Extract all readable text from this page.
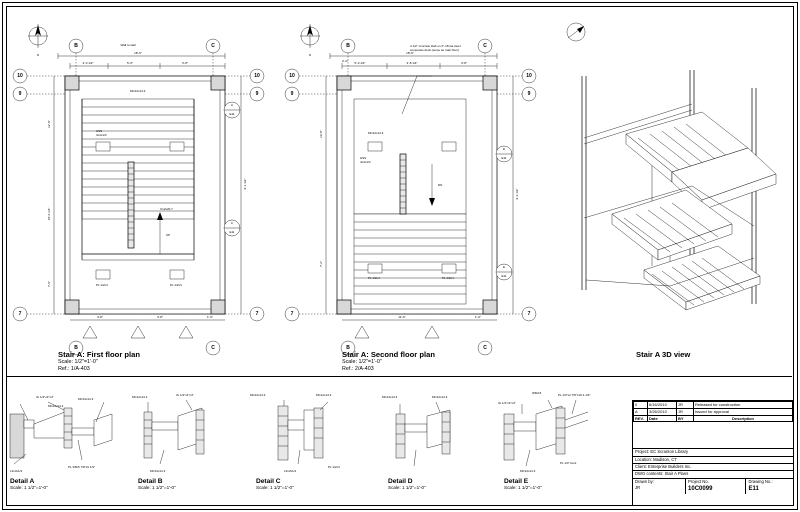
N
B	C
B	C
10
9
7
10
9
7
18'-6"
Wall to wall
4'-0 1/2"	5'-0"	3'-8"
UP
A
E11
C
E11
4'-8"	4'-8"	1'-0"
12'-8"
18'-6 1/4"
7'-0"
9'-1 1/2"
HSS
4x4x1/4
MC12x14.3
C12x20.7
PL 1/2x4	PL 1/2x4
Stair A: First floor plan
Scale: 1/2"=1'-0"
Ref.: 1/A-403
N
B	C
B	C
10
9
7
10
9
7
18'-6"
5'-0 1/4"	3'-8 1/4"	3'-8"
DN
4 1/2" concrete slab on 2"-18 Ga steel
composite deck (same as main floor)
D
E11
E
E11
11'-6"	1'-0"
12'-8"
7'-2"
9'-1 1/2"
MC12x14.3
HSS
4x4x1/4
PL 1/2x4	PL 1/2x4
2'-4"
Stair A: Second floor plan
Scale: 1/2"=1'-0"
Ref.: 2/A-403
Stair A 3D view
3x 1/4"x4"x4"
MC12x14.3
MC12x14.3
PL 3/8x5 7/8"x9 1/4"
L3x3x1/4
Detail A
Scale: 1 1/2"=1'-0"
MC12x14.3	3x 1/4"x4"x4"
MC12x14.3
Detail B
Scale: 1 1/2"=1'-0"
MC12x14.3	MC12x14.3
L3x3x1/4
PL 1/2x4
Detail C
Scale: 1 1/2"=1'-0"
MC12x14.3	MC12x14.3
Detail D
Scale: 1 1/2"=1'-0"
W8x15	PL 1/4"x2 7/8"x10 4-1/4"
3x 1/4"x4"x4"
PL 1/4" bent
MC12x14.3
Detail E
Scale: 1 1/2"=1'-0"
0	6/16/2010	JR	Released for construction
A	3/26/2010	JR	Issued for approval
REV.	Date	BY	Description
Project: EC Scranton Library
Location: Madison, CT
Client: Enterprise Builders Inc.
DWG contents: Stair A Plans
Drawn by:
JR
Project No.
10C0099
Drawing No.:
E11
